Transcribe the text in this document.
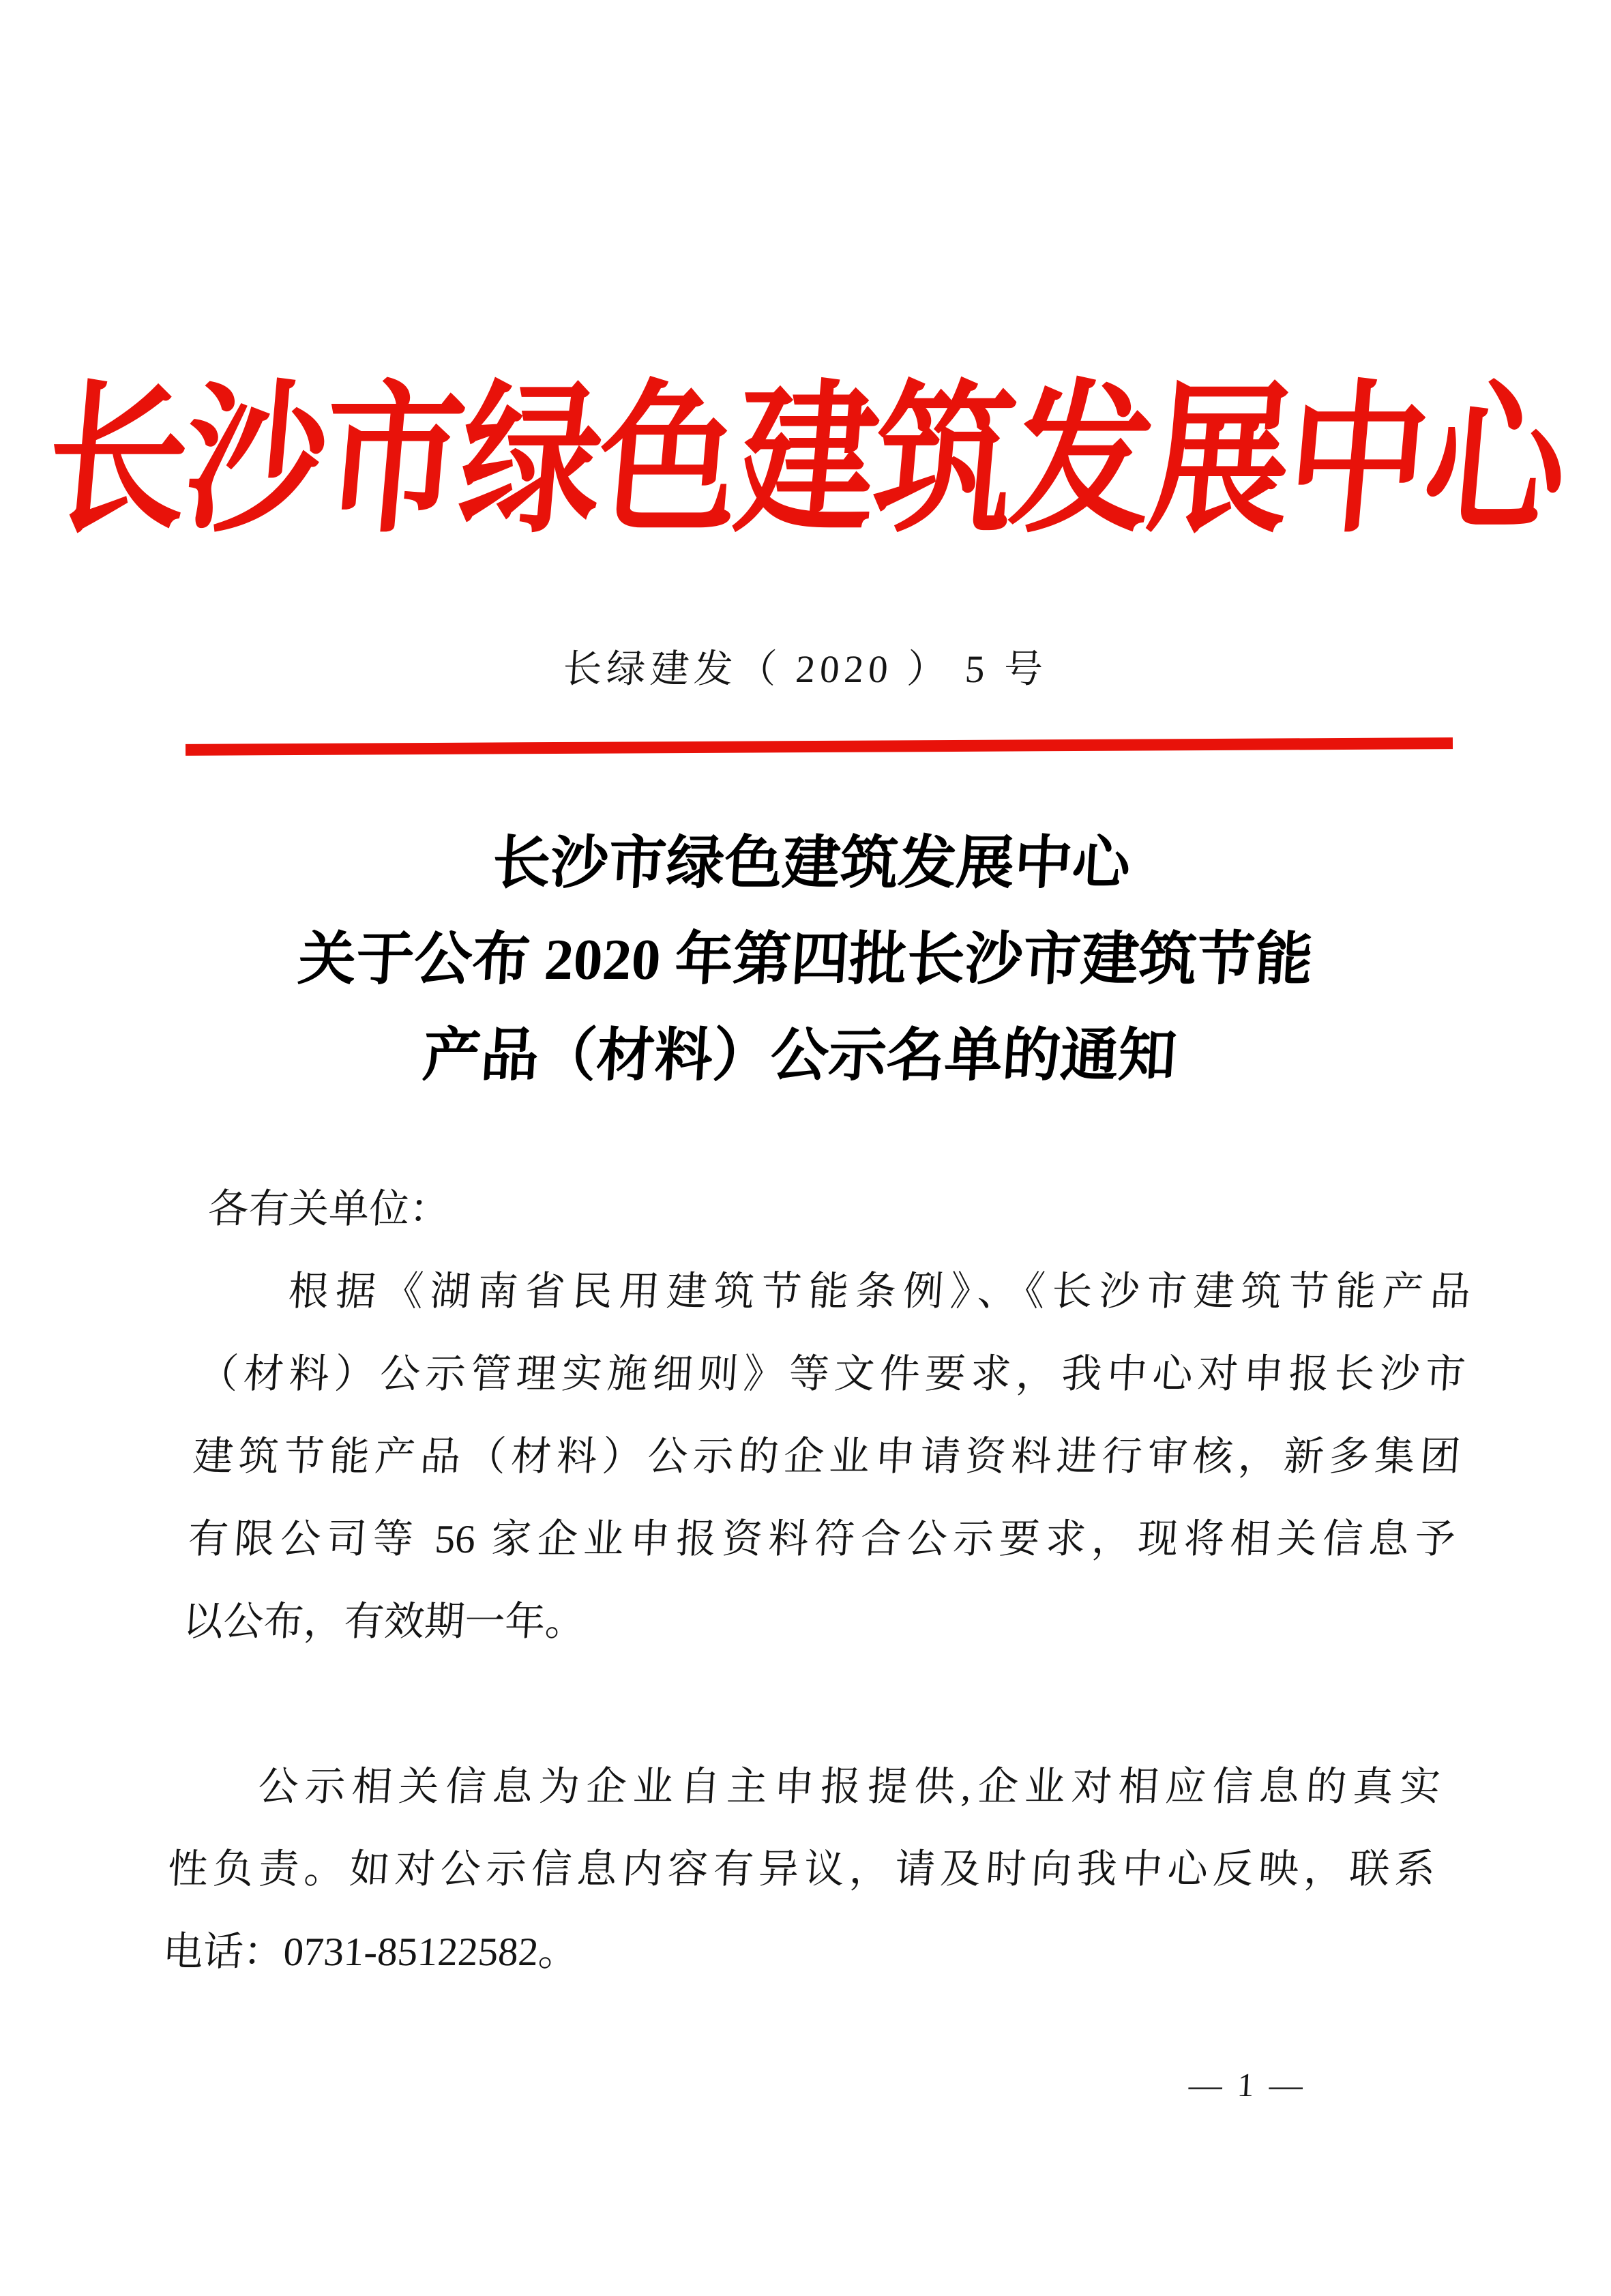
长沙市绿色建筑发展中心
长绿建发（ 2020 ） 5 号
长沙市绿色建筑发展中心
关于公布 2020 年第四批长沙市建筑节能
产品（材料）公示名单的通知
各有关单位：
根据《湖南省民用建筑节能条例》、《长沙市建筑节能产品
（材料）公示管理实施细则》等文件要求，我中心对申报长沙市
建筑节能产品（材料）公示的企业申请资料进行审核，新多集团
有限公司等 56 家企业申报资料符合公示要求，现将相关信息予
以公布，有效期一年。
公示相关信息为企业自主申报提供,企业对相应信息的真实
性负责。如对公示信息内容有异议，请及时向我中心反映，联系
电话：0731-85122582。
— 1 —
